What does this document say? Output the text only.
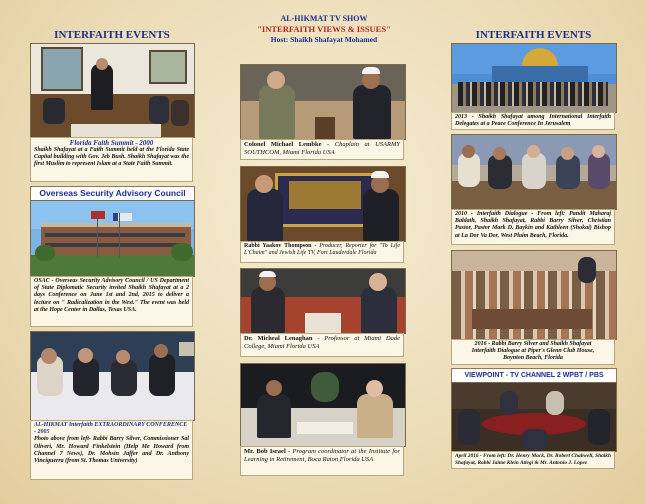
INTERFAITH EVENTS
Florida Faith Summit - 2000
Shaikh Shafayat at a Faith Summit held at the Florida State Capital building with Gov. Jeb Bush. Shaikh Shafayat was the first Muslim to represent Islam at a State Faith Summit.
Overseas Security Advisory Council
OSAC - Overseas Security Advisory Council / US Department of State Diplomatic Security invited Shaikh Shafayat at a 2 days Conference on June 1st and 2nd, 2015 to deliver a lecture on " Radicalization in the West." The event was held at the Hope Center in Dallas, Texas USA.
AL-HIKMAT Interfaith EXTRAORDINARY CONFERENCE - 2005
Photo above from left- Rabbi Barry Silver, Commissioner Sal Oliveri, Mr. Howard Finkelstein (Help Me Howard from Channel 7 News), Dr. Mohsin Jaffer and Dr. Anthony Vinciguerra (from St. Thomas University)
AL-HIKMAT TV SHOW
"INTERFAITH VIEWS & ISSUES"
Host: Shaikh Shafayat Mohamed
Colonel Michael Lembke - Chaplain at USARMY SOUTHCOM, Miami Florida USA
Rabbi Yaakov Thompson - Producer, Reporter for "To Life L'Chaim" and Jewish Life TV, Fort Lauderdale Florida
Dr. Micheal Lenaghan - Professor at Miami Dade College, Miami Florida USA
Mr. Bob Israel - Program coordinator at the Institute for Learning in Retirement, Boca Raton Florida USA
INTERFAITH EVENTS
2013 - Shaikh Shafayat among International Interfaith Delegates at a Peace Conference In Jerusalem
2010 - Interfaith Dialogue - From left: Pandit Maharaj Baldath, Shaikh Shafayat, Rabbi Barry Silver, Christian Pastor, Pastor Mark D. Baykin and Kathleen (Shokai) Bishop at La Dor Va Dor, West Plaim Beach, Florida.
2016 - Rabbi Barry Silver and Shaikh Shafayat
Interfaith Dialogue at Piper's Glenn Club House,
Boynton Beach, Florida
VIEWPOINT - TV CHANNEL 2 WPBT / PBS
April 2016 - From left: Dr. Henry Mack, Dr. Robert Chabwell, Shaikh Shafayat, Rabbi Jaime Klein Atlegi & Mr. Antonio J. Lopez
